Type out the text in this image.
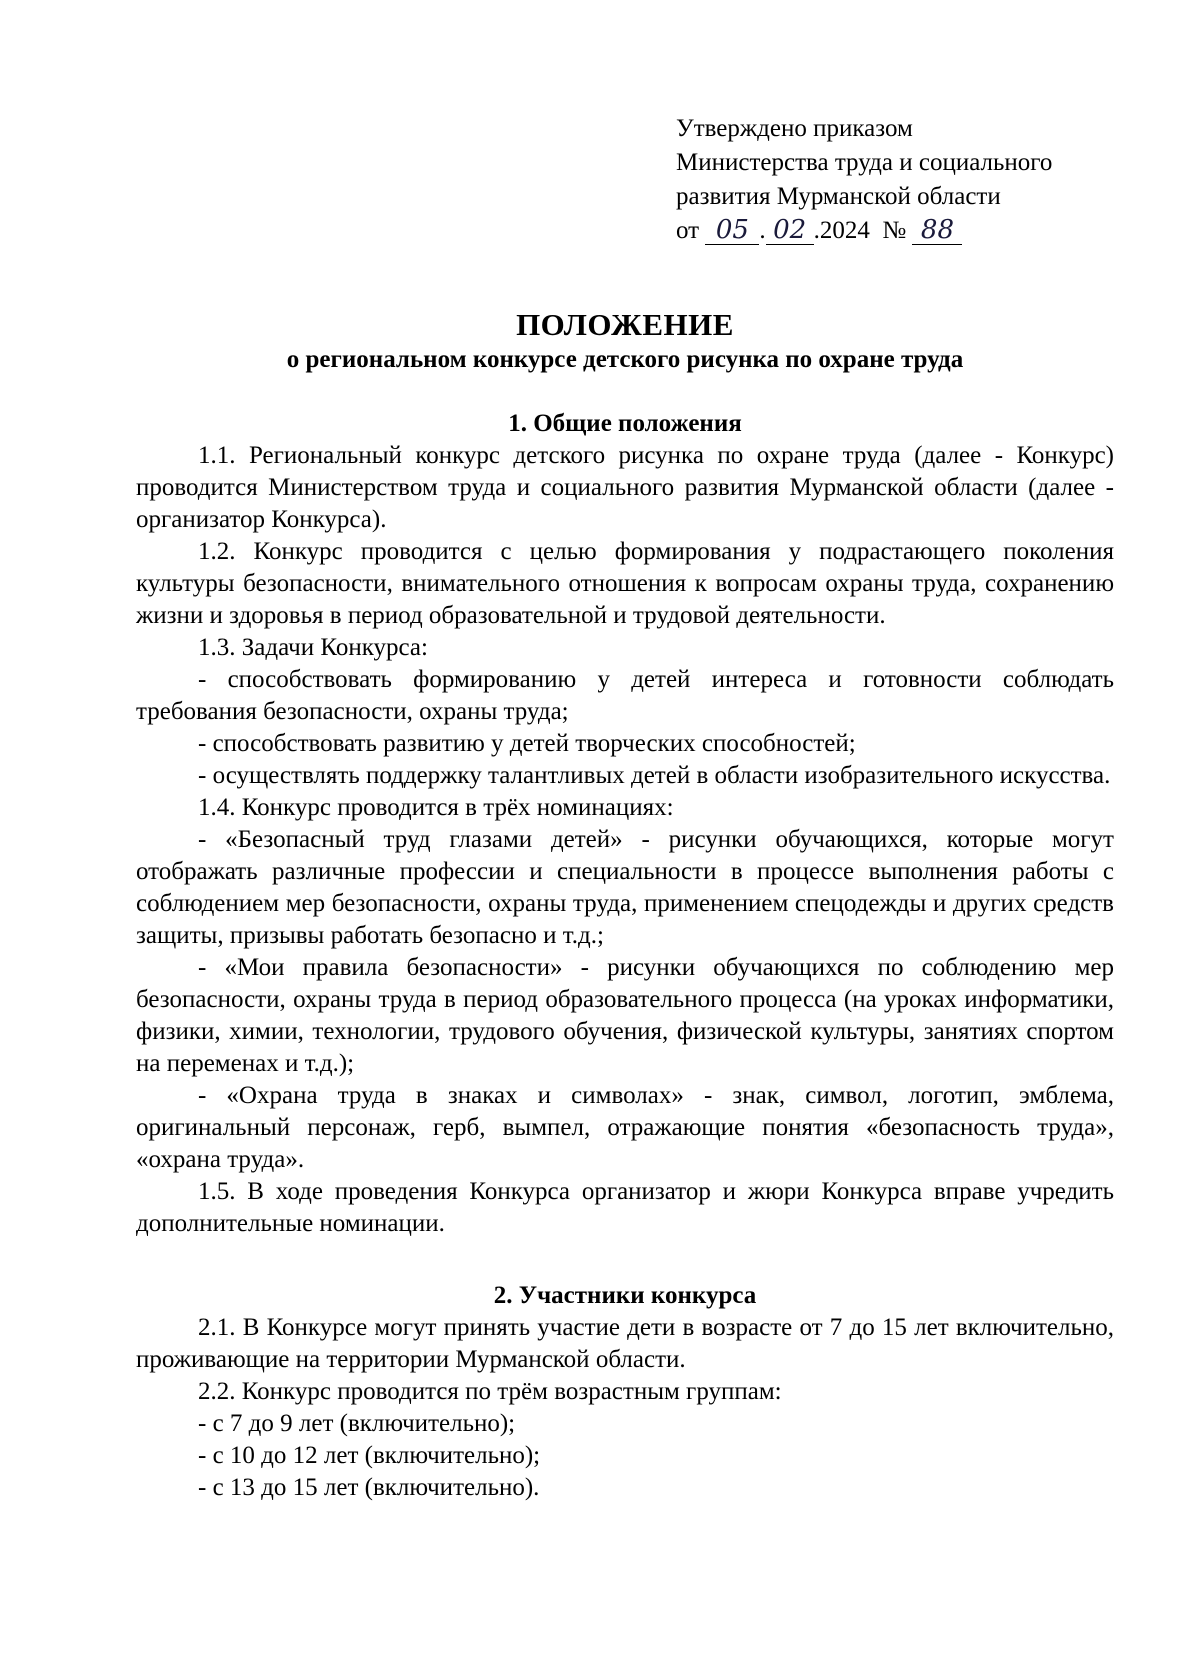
Утверждено приказом
Министерства труда и социального
развития Мурманской области
от 05 . 02 .2024 № 88
ПОЛОЖЕНИЕ
о региональном конкурсе детского рисунка по охране труда
1. Общие положения

1.1. Региональный конкурс детского рисунка по охране труда (далее - Конкурс) проводится Министерством труда и социального развития Мурманской области (далее - организатор Конкурса).

1.2. Конкурс проводится с целью формирования у подрастающего поколения культуры безопасности, внимательного отношения к вопросам охраны труда, сохранению жизни и здоровья в период образовательной и трудовой деятельности.

1.3. Задачи Конкурса:

- способствовать формированию у детей интереса и готовности соблюдать требования безопасности, охраны труда;

- способствовать развитию у детей творческих способностей;

- осуществлять поддержку талантливых детей в области изобразительного искусства.

1.4. Конкурс проводится в трёх номинациях:

- «Безопасный труд глазами детей» - рисунки обучающихся, которые могут отображать различные профессии и специальности в процессе выполнения работы с соблюдением мер безопасности, охраны труда, применением спецодежды и других средств защиты, призывы работать безопасно и т.д.;

- «Мои правила безопасности» - рисунки обучающихся по соблюдению мер безопасности, охраны труда в период образовательного процесса (на уроках информатики, физики, химии, технологии, трудового обучения, физической культуры, занятиях спортом на переменах и т.д.);

- «Охрана труда в знаках и символах» - знак, символ, логотип, эмблема, оригинальный персонаж, герб, вымпел, отражающие понятия «безопасность труда», «охрана труда».

1.5. В ходе проведения Конкурса организатор и жюри Конкурса вправе учредить дополнительные номинации.

2. Участники конкурса

2.1. В Конкурсе могут принять участие дети в возрасте от 7 до 15 лет включительно, проживающие на территории Мурманской области.

2.2. Конкурс проводится по трём возрастным группам:

- с 7 до 9 лет (включительно);

- с 10 до 12 лет (включительно);

- с 13 до 15 лет (включительно).
